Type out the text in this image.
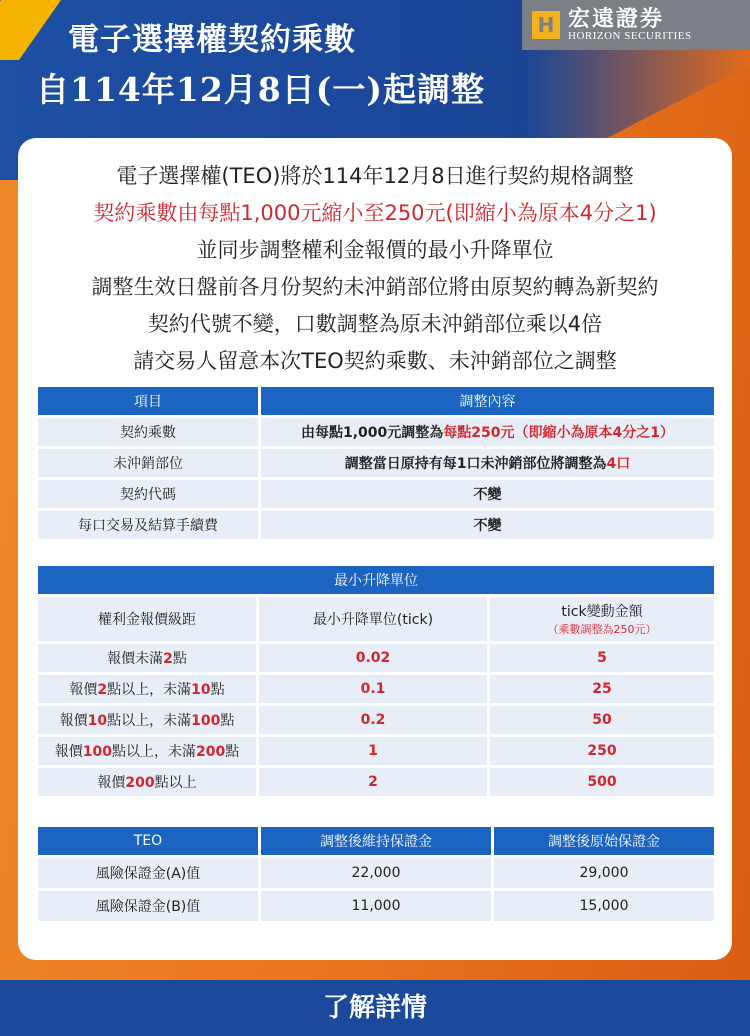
H 宏遠證券
HORIZON SECURITIES
電子選擇權契約乘數
自114年12月8日(一)起調整
電子選擇權(TEO)將於114年12月8日進行契約規格調整
契約乘數由每點1,000元縮小至250元(即縮小為原本4分之1)
並同步調整權利金報價的最小升降單位
調整生效日盤前各月份契約未沖銷部位將由原契約轉為新契約
契約代號不變，口數調整為原未沖銷部位乘以4倍
請交易人留意本次TEO契約乘數、未沖銷部位之調整
項目	調整內容
契約乘數	由每點1,000元調整為每點250元（即縮小為原本4分之1）
未沖銷部位	調整當日原持有每1口未沖銷部位將調整為4口
契約代碼	不變
每口交易及結算手續費	不變
最小升降單位		
權利金報價級距	最小升降單位(tick)	tick變動金額
（乘數調整為250元）

報價未滿2點	0.02	5
報價2點以上，未滿10點	0.1	25
報價10點以上，未滿100點	0.2	50
報價100點以上，未滿200點	1	250
報價200點以上	2	500
TEO	調整後維持保證金	調整後原始保證金
風險保證金(A)值	22,000	29,000
風險保證金(B)值	11,000	15,000
了解詳情
